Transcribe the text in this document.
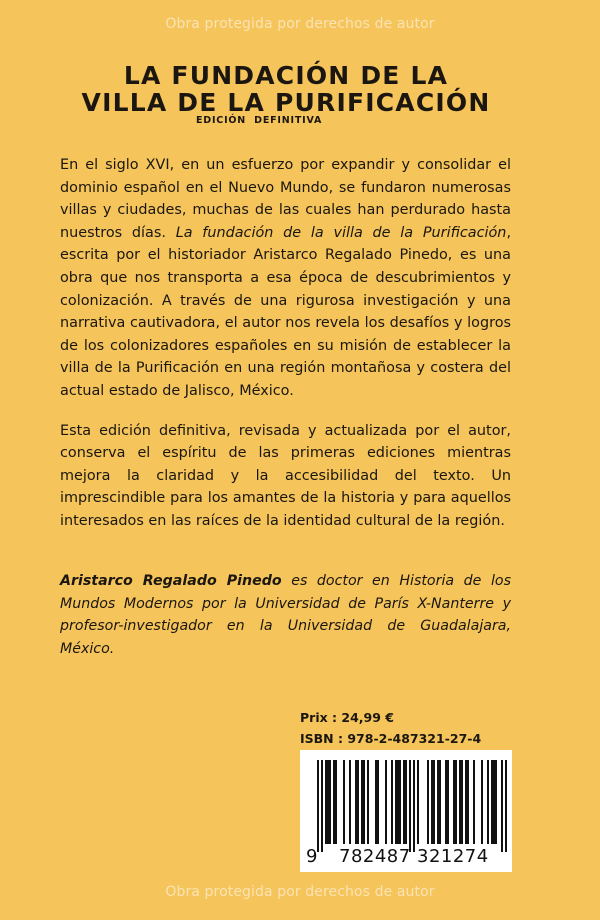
Obra protegida por derechos de autor
LA FUNDACIÓN DE LA
VILLA DE LA PURIFICACIÓN
EDICIÓN DEFINITIVA

En el siglo XVI, en un esfuerzo por expandir y consolidar el dominio español en el Nuevo Mundo, se fundaron numerosas villas y ciudades, muchas de las cuales han perdurado hasta nuestros días. La fundación de la villa de la Purificación, escrita por el historiador Aristarco Regalado Pinedo, es una obra que nos transporta a esa época de descubrimientos y colonización. A través de una rigurosa investigación y una narrativa cautivadora, el autor nos revela los desafíos y logros de los colonizadores españoles en su misión de establecer la villa de la Purificación en una región montañosa y costera del actual estado de Jalisco, México.

Esta edición definitiva, revisada y actualizada por el autor, conserva el espíritu de las primeras ediciones mientras mejora la claridad y la accesibilidad del texto. Un imprescindible para los amantes de la historia y para aquellos interesados en las raíces de la identidad cultural de la región.

Aristarco Regalado Pinedo es doctor en Historia de los Mundos Modernos por la Universidad de París X-Nanterre y profesor-investigador en la Universidad de Guadalajara, México.

Prix : 24,99 €
ISBN : 978-2-487321-27-4
9 782487 321274
Obra protegida por derechos de autor
